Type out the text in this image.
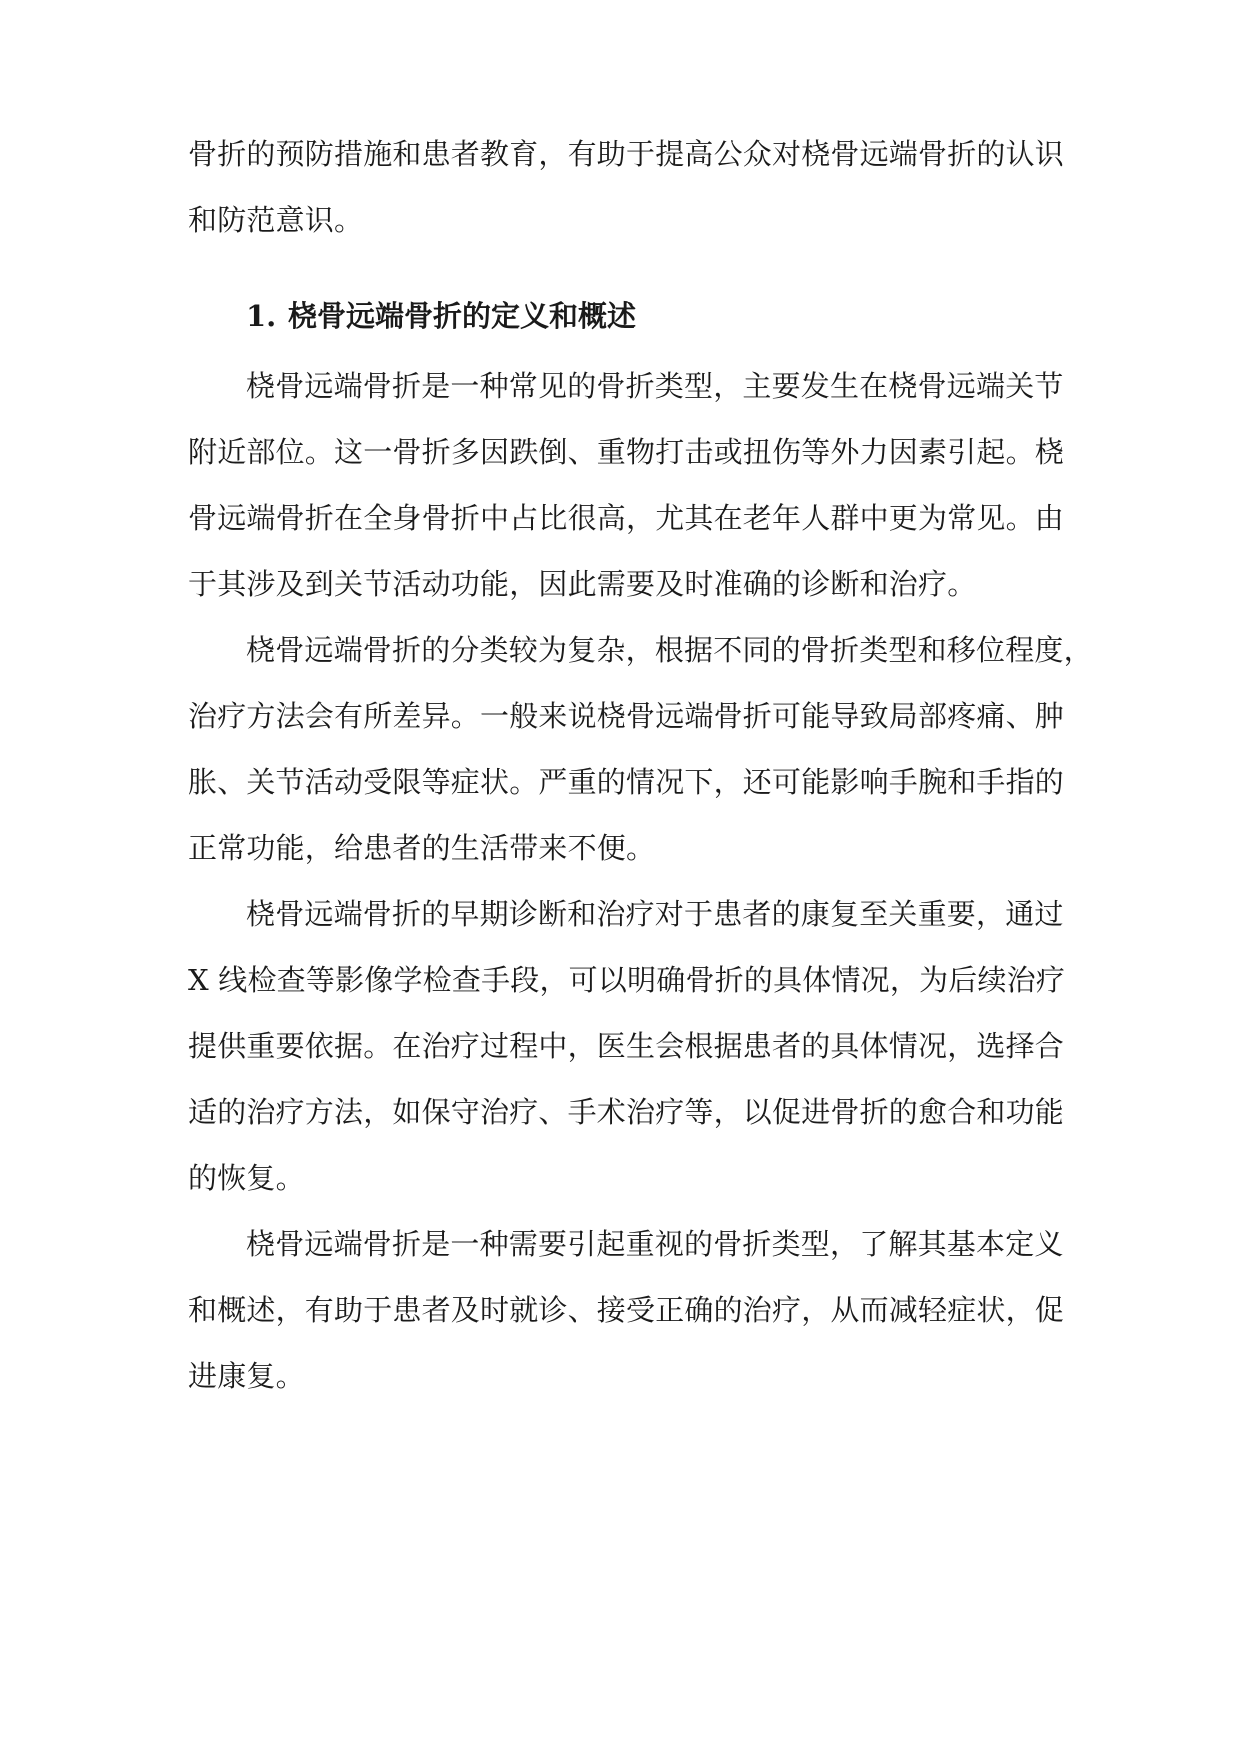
骨折的预防措施和患者教育，有助于提高公众对桡骨远端骨折的认识
和防范意识。
1. 桡骨远端骨折的定义和概述
桡骨远端骨折是一种常见的骨折类型，主要发生在桡骨远端关节
附近部位。这一骨折多因跌倒、重物打击或扭伤等外力因素引起。桡
骨远端骨折在全身骨折中占比很高，尤其在老年人群中更为常见。由
于其涉及到关节活动功能，因此需要及时准确的诊断和治疗。
桡骨远端骨折的分类较为复杂，根据不同的骨折类型和移位程度，
治疗方法会有所差异。一般来说桡骨远端骨折可能导致局部疼痛、肿
胀、关节活动受限等症状。严重的情况下，还可能影响手腕和手指的
正常功能，给患者的生活带来不便。
桡骨远端骨折的早期诊断和治疗对于患者的康复至关重要，通过
X 线检查等影像学检查手段，可以明确骨折的具体情况，为后续治疗
提供重要依据。在治疗过程中，医生会根据患者的具体情况，选择合
适的治疗方法，如保守治疗、手术治疗等，以促进骨折的愈合和功能
的恢复。
桡骨远端骨折是一种需要引起重视的骨折类型，了解其基本定义
和概述，有助于患者及时就诊、接受正确的治疗，从而减轻症状，促
进康复。
